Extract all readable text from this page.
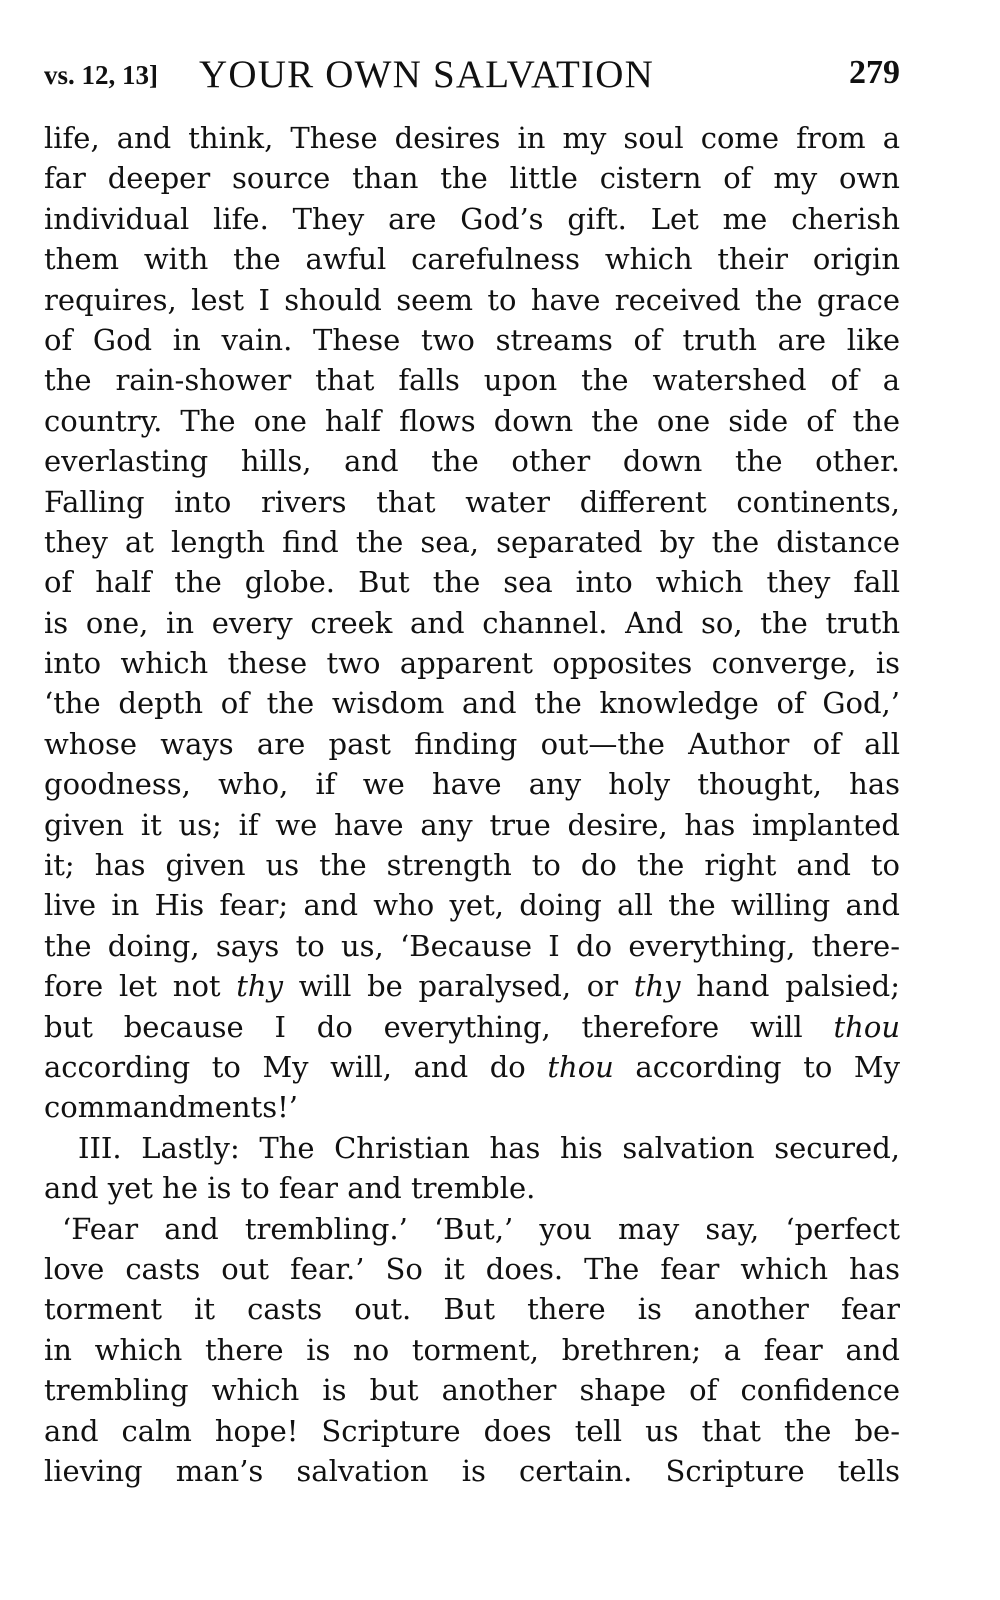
vs. 12, 13] YOUR OWN SALVATION	279
life, and think, These desires in my soul come from a
far deeper source than the little cistern of my own
individual life. They are God’s gift. Let me cherish
them with the awful carefulness which their origin
requires, lest I should seem to have received the grace
of God in vain. These two streams of truth are like
the rain-shower that falls upon the watershed of a
country. The one half flows down the one side of the
everlasting hills, and the other down the other.
Falling into rivers that water different continents,
they at length find the sea, separated by the distance
of half the globe. But the sea into which they fall
is one, in every creek and channel. And so, the truth
into which these two apparent opposites converge, is
‘the depth of the wisdom and the knowledge of God,’
whose ways are past finding out—the Author of all
goodness, who, if we have any holy thought, has
given it us; if we have any true desire, has implanted
it; has given us the strength to do the right and to
live in His fear; and who yet, doing all the willing and
the doing, says to us, ‘Because I do everything, there-
fore let not thy will be paralysed, or thy hand palsied;
but because I do everything, therefore will thou
according to My will, and do thou according to My
commandments!’
III. Lastly: The Christian has his salvation secured,
and yet he is to fear and tremble.
‘Fear and trembling.’ ‘But,’ you may say, ‘perfect
love casts out fear.’ So it does. The fear which has
torment it casts out. But there is another fear
in which there is no torment, brethren; a fear and
trembling which is but another shape of confidence
and calm hope! Scripture does tell us that the be-
lieving man’s salvation is certain. Scripture tells
